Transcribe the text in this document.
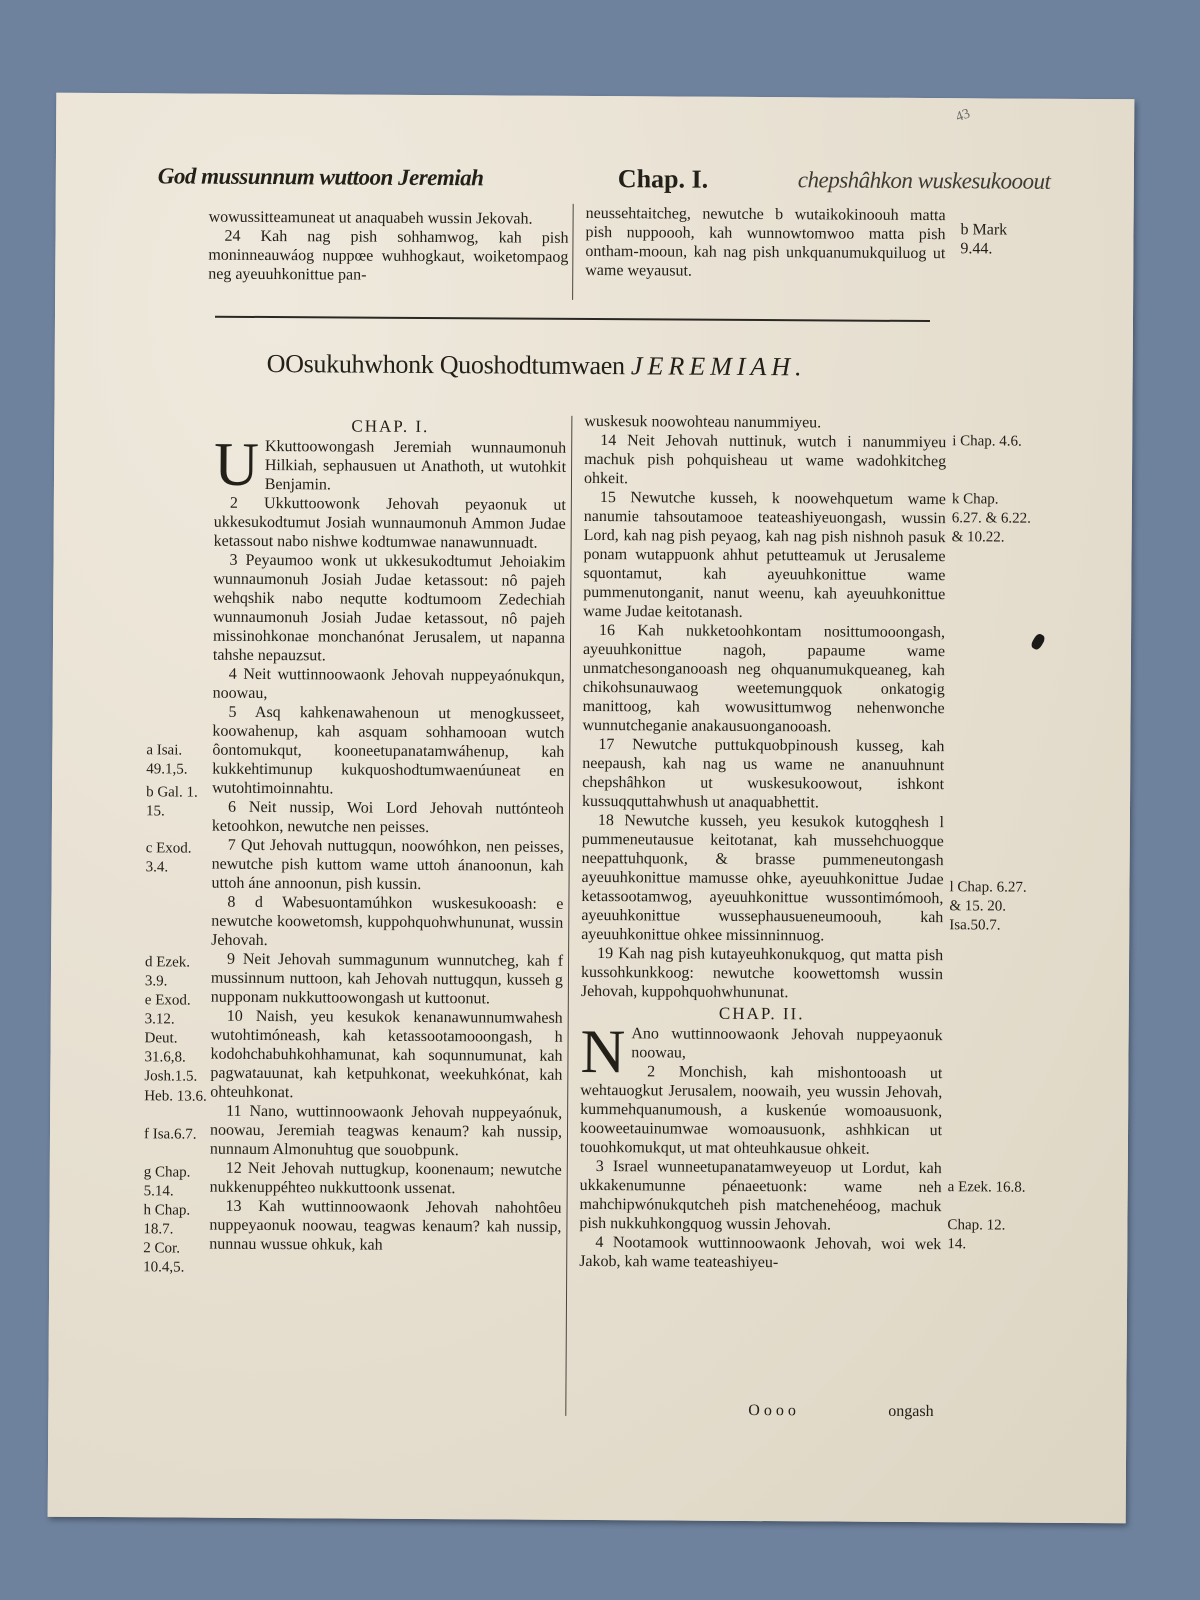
43
God mussunnum wuttoon Jeremiah	Chap. I.	chepshâhkon wuskesukooout

wowussitteamuneat ut anaquabeh wussin Jekovah.

24 Kah nag pish sohhamwog, kah pish moninneauwáog nuppœe wuhhogkaut, woiketompaog neg ayeuuhkonittue pan-

neussehtaitcheg, newutche b wutaikokinoouh matta pish nuppoooh, kah wunnowtomwoo matta pish ontham-mooun, kah nag pish unkquanumukquiluog ut wame weyausut.

b Mark 9.44.
OOsukuhwhonk Quoshodtumwaen JEREMIAH.
a Isai. 49.1,5.
b Gal. 1. 15.
c Exod. 3.4.
d Ezek. 3.9.
e Exod. 3.12.
Deut. 31.6,8.
Josh.1.5.
Heb. 13.6.
f Isa.6.7.
g Chap. 5.14.
h Chap. 18.7.
2 Cor. 10.4,5.
CHAP. I.
U Kkuttoowongash Jeremiah wunnaumonuh Hilkiah, sephausuen ut Anathoth, ut wutohkit Benjamin.

2 Ukkuttoowonk Jehovah peyaonuk ut ukkesukodtumut Josiah wunnaumonuh Ammon Judae ketassout nabo nishwe kodtumwae nanawunnuadt.

3 Peyaumoo wonk ut ukkesukodtumut Jehoiakim wunnaumonuh Josiah Judae ketassout: nô pajeh wehqshik nabo nequtte kodtumoom Zedechiah wunnaumonuh Josiah Judae ketassout, nô pajeh missinohkonae monchanónat Jerusalem, ut napanna tahshe nepauzsut.

4 Neit wuttinnoowaonk Jehovah nuppeyaónukqun, noowau,

5 Asq kahkenawahenoun ut menogkusseet, koowahenup, kah asquam sohhamooan wutch ôontomukqut, kooneetupanatamwáhenup, kah kukkehtimunup kukquoshodtumwaenúuneat en wutohtimoinnahtu.

6 Neit nussip, Woi Lord Jehovah nuttónteoh ketoohkon, newutche nen peisses.

7 Qut Jehovah nuttugqun, noowóhkon, nen peisses, newutche pish kuttom wame uttoh ánanoonun, kah uttoh áne annoonun, pish kussin.

8 d Wabesuontamúhkon wuskesukooash: e newutche koowetomsh, kuppohquohwhununat, wussin Jehovah.

9 Neit Jehovah summagunum wunnutcheg, kah f mussinnum nuttoon, kah Jehovah nuttugqun, kusseh g nupponam nukkuttoowongash ut kuttoonut.

10 Naish, yeu kesukok kenanawunnumwahesh wutohtimóneash, kah ketassootamooongash, h kodohchabuhkohhamunat, kah soqunnumunat, kah pagwatauunat, kah ketpuhkonat, weekuhkónat, kah ohteuhkonat.

11 Nano, wuttinnoowaonk Jehovah nuppeyaónuk, noowau, Jeremiah teagwas kenaum? kah nussip, nunnaum Almonuhtug que souobpunk.

12 Neit Jehovah nuttugkup, koonenaum; newutche nukkenuppéhteo nukkuttoonk ussenat.

13 Kah wuttinnoowaonk Jehovah nahohtôeu nuppeyaonuk noowau, teagwas kenaum? kah nussip, nunnau wussue ohkuk, kah

wuskesuk noowohteau nanummiyeu.

14 Neit Jehovah nuttinuk, wutch i nanummiyeu machuk pish pohquisheau ut wame wadohkitcheg ohkeit.

15 Newutche kusseh, k noowehquetum wame nanumie tahsoutamooe teateashiyeuongash, wussin Lord, kah nag pish peyaog, kah nag pish nishnoh pasuk ponam wutappuonk ahhut petutteamuk ut Jerusaleme squontamut, kah ayeuuhkonittue wame pummenutonganit, nanut weenu, kah ayeuuhkonittue wame Judae keitotanash.

16 Kah nukketoohkontam nosittumooongash, ayeuuhkonittue nagoh, papaume wame unmatchesonganooash neg ohquanumukqueaneg, kah chikohsunauwaog weetemungquok onkatogig manittoog, kah wowusittumwog nehenwonche wunnutcheganie anakausuonganooash.

17 Newutche puttukquobpinoush kusseg, kah neepaush, kah nag us wame ne ananuuhnunt chepshâhkon ut wuskesukoowout, ishkont kussuqquttahwhush ut anaquabhettit.

18 Newutche kusseh, yeu kesukok kutogqhesh l pummeneutausue keitotanat, kah mussehchuogque neepattuhquonk, & brasse pummeneutongash ayeuuhkonittue mamusse ohke, ayeuuhkonittue Judae ketassootamwog, ayeuuhkonittue wussontimómooh, ayeuuhkonittue wussephausueneumoouh, kah ayeuuhkonittue ohkee missinninnuog.

19 Kah nag pish kutayeuhkonukquog, qut matta pish kussohkunkkoog: newutche koowettomsh wussin Jehovah, kuppohquohwhununat.

CHAP. II.
N Ano wuttinnoowaonk Jehovah nuppeyaonuk noowau,

2 Monchish, kah mishontooash ut wehtauogkut Jerusalem, noowaih, yeu wussin Jehovah, kummehquanumoush, a kuskenúe womoausuonk, kooweetauinumwae womoausuonk, ashhkican ut touohkomukqut, ut mat ohteuhkausue ohkeit.

3 Israel wunneetupanatamweyeuop ut Lordut, kah ukkakenumunne pénaeetuonk: wame neh mahchipwónukqutcheh pish matchenehéoog, machuk pish nukkuhkongquog wussin Jehovah.

4 Nootamook wuttinnoowaonk Jehovah, woi wek Jakob, kah wame teateashiyeu-

i Chap. 4.6.
k Chap. 6.27. & 6.22. & 10.22.
l Chap. 6.27. & 15. 20. Isa.50.7.
a Ezek. 16.8.
Chap. 12. 14.
Oooo	ongash
